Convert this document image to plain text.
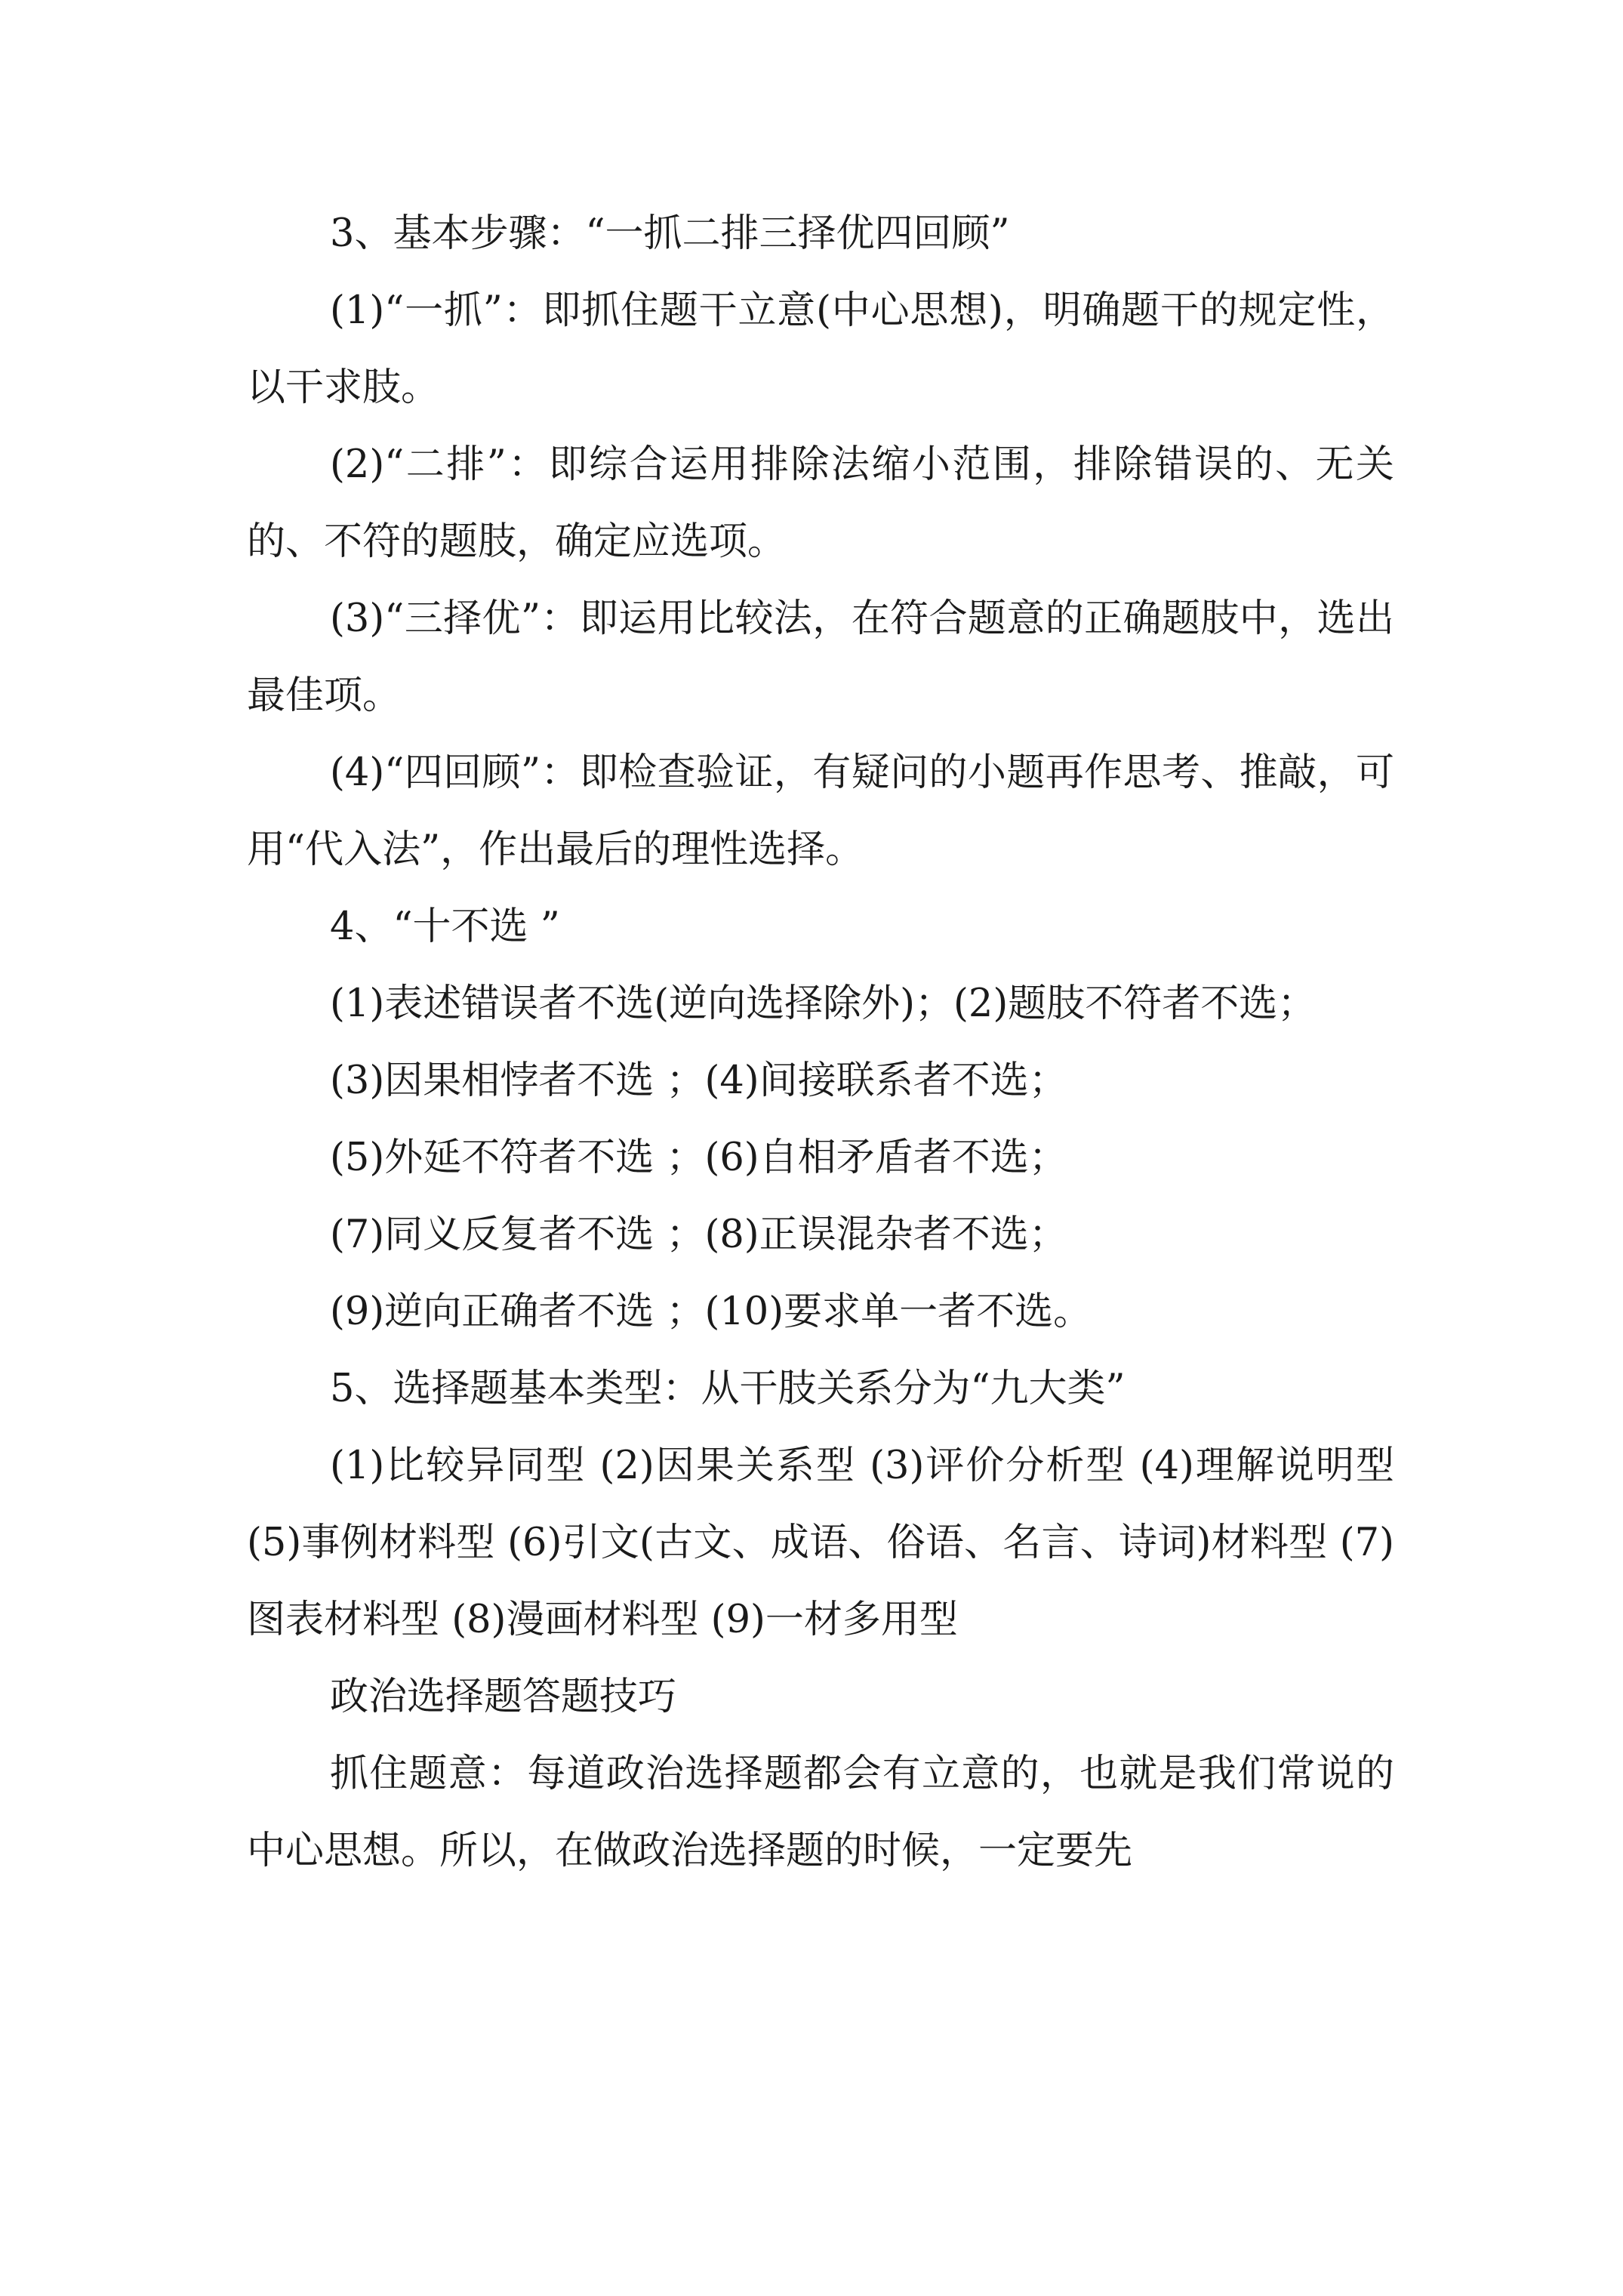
3、基本步骤：“一抓二排三择优四回顾”

(1)“一抓”：即抓住题干立意(中心思想)，明确题干的规定性，以干求肢。

(2)“二排”：即综合运用排除法缩小范围，排除错误的、无关的、不符的题肢，确定应选项。

(3)“三择优”：即运用比较法，在符合题意的正确题肢中，选出最佳项。

(4)“四回顾”：即检查验证，有疑问的小题再作思考、推敲，可用“代入法”，作出最后的理性选择。

4、“十不选 ”

(1)表述错误者不选(逆向选择除外)；(2)题肢不符者不选；

(3)因果相悖者不选 ；(4)间接联系者不选；

(5)外延不符者不选 ；(6)自相矛盾者不选；

(7)同义反复者不选 ；(8)正误混杂者不选；

(9)逆向正确者不选 ；(10)要求单一者不选。

5、选择题基本类型：从干肢关系分为“九大类”

(1)比较异同型 (2)因果关系型 (3)评价分析型 (4)理解说明型 (5)事例材料型 (6)引文(古文、成语、俗语、名言、诗词)材料型 (7)图表材料型 (8)漫画材料型 (9)一材多用型

政治选择题答题技巧

抓住题意：每道政治选择题都会有立意的，也就是我们常说的中心思想。所以，在做政治选择题的时候，一定要先
